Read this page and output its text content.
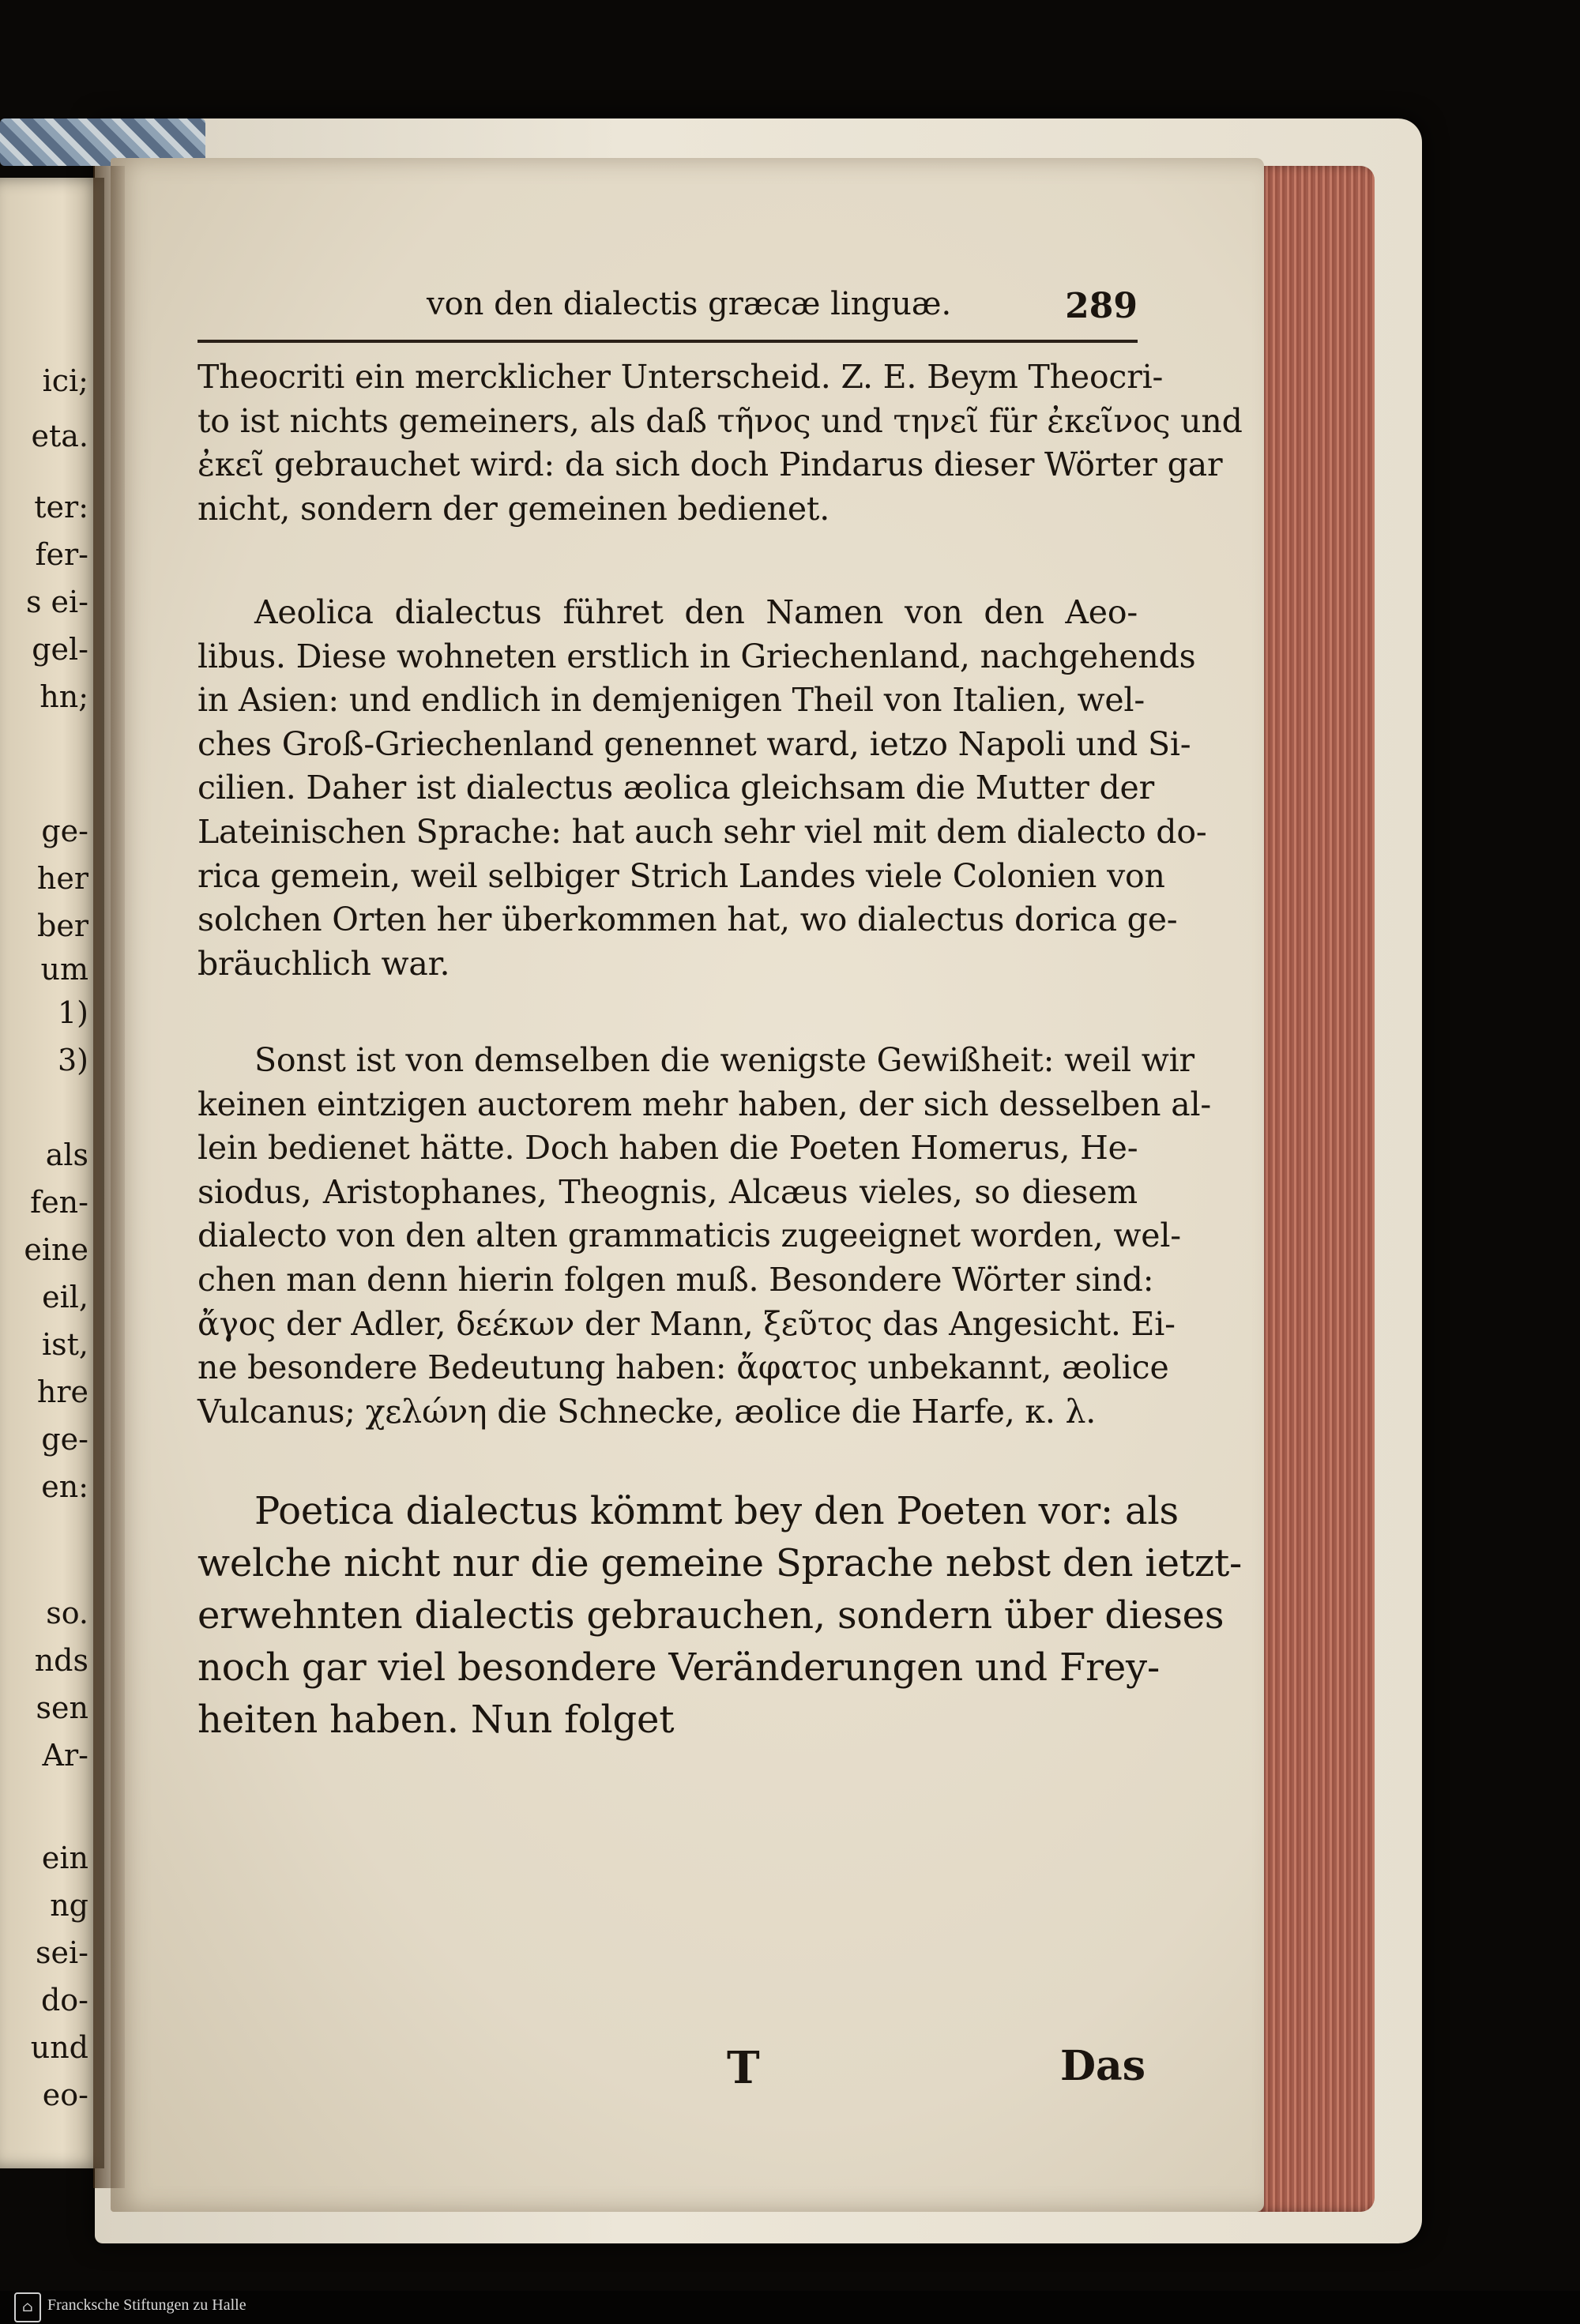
ici;
eta.
ter:
fer-
s ei-
gel-
hn;
ge-
her
ber
um
1)
3)
als
fen-
eine
eil,
ist,
hre
ge-
en:
so.
nds
sen
Ar-
ein
ng
sei-
do-
und
eo-
von den dialectis græcæ linguæ.	289
Theocriti ein mercklicher Unterscheid. Z. E. Beym Theocri-
to ist nichts gemeiners, als daß τῆνος und τηνεῖ für ἐκεῖνος und
ἐκεῖ gebrauchet wird: da sich doch Pindarus dieser Wörter gar
nicht, sondern der gemeinen bedienet.
Aeolica dialectus führet den Namen von den Aeo-
libus. Diese wohneten erstlich in Griechenland, nachgehends
in Asien: und endlich in demjenigen Theil von Italien, wel-
ches Groß-Griechenland genennet ward, ietzo Napoli und Si-
cilien. Daher ist dialectus æolica gleichsam die Mutter der
Lateinischen Sprache: hat auch sehr viel mit dem dialecto do-
rica gemein, weil selbiger Strich Landes viele Colonien von
solchen Orten her überkommen hat, wo dialectus dorica ge-
bräuchlich war.
Sonst ist von demselben die wenigste Gewißheit: weil wir
keinen eintzigen auctorem mehr haben, der sich desselben al-
lein bedienet hätte. Doch haben die Poeten Homerus, He-
siodus, Aristophanes, Theognis, Alcæus vieles, so diesem
dialecto von den alten grammaticis zugeeignet worden, wel-
chen man denn hierin folgen muß. Besondere Wörter sind:
ἄγος der Adler, δεέκων der Mann, ξεῦτος das Angesicht. Ei-
ne besondere Bedeutung haben: ἄφατος unbekannt, æolice
Vulcanus; χελώνη die Schnecke, æolice die Harfe, κ. λ.
Poetica dialectus kömmt bey den Poeten vor: als
welche nicht nur die gemeine Sprache nebst den ietzt-
erwehnten dialectis gebrauchen, sondern über dieses
noch gar viel besondere Veränderungen und Frey-
heiten haben. Nun folget
T	Das
⌂ Francksche Stiftungen zu Halle
